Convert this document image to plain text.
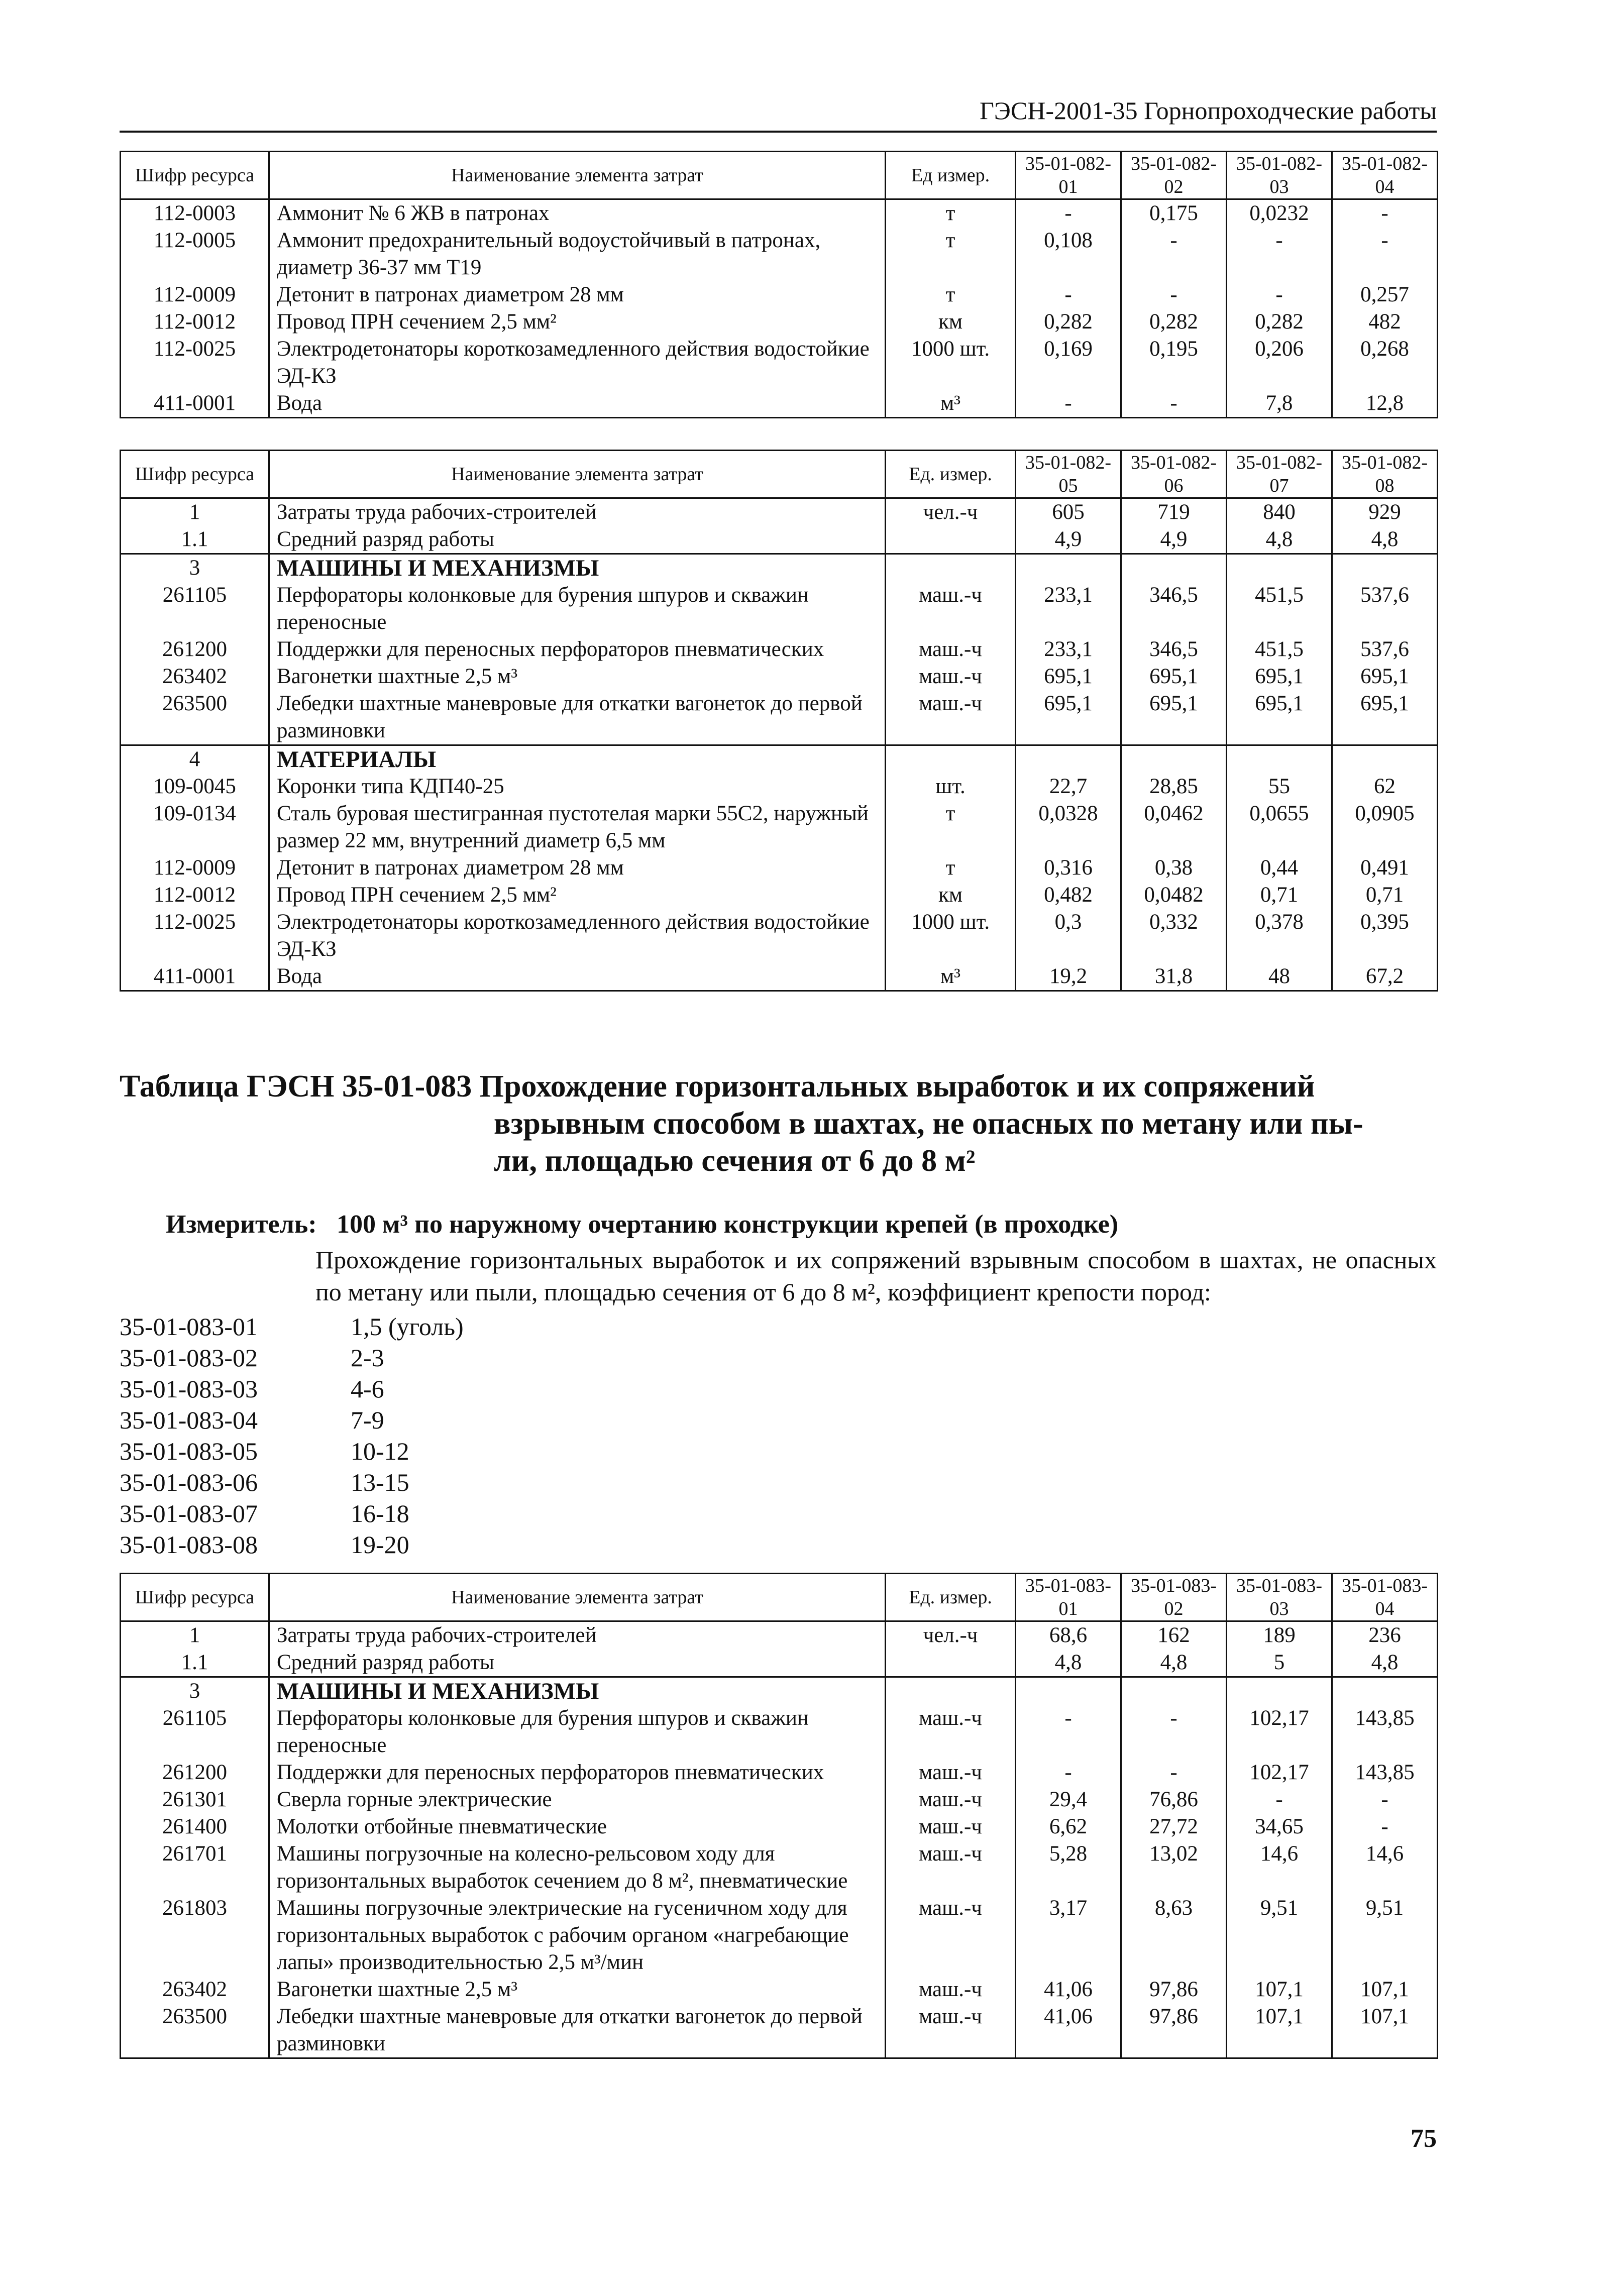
ГЭСН-2001-35 Горнопроходческие работы
Шифр ресурса	Наименование элемента затрат	Ед измер.	35-01-082-01	35-01-082-02	35-01-082-03	35-01-082-04
112-0003	Аммонит № 6 ЖВ в патронах	т	-	0,175	0,0232	-
112-0005	Аммонит предохранительный водоустойчивый в патронах, диаметр 36-37 мм Т19	т	0,108	-	-	-
112-0009	Детонит в патронах диаметром 28 мм	т	-	-	-	0,257
112-0012	Провод ПРН сечением 2,5 мм²	км	0,282	0,282	0,282	482
112-0025	Электродетонаторы короткозамедленного действия водостойкие ЭД-КЗ	1000 шт.	0,169	0,195	0,206	0,268
411-0001	Вода	м³	-	-	7,8	12,8
Шифр ресурса	Наименование элемента затрат	Ед. измер.	35-01-082-05	35-01-082-06	35-01-082-07	35-01-082-08
1	Затраты труда рабочих-строителей	чел.-ч	605	719	840	929
1.1	Средний разряд работы		4,9	4,9	4,8	4,8
3	МАШИНЫ И МЕХАНИЗМЫ					
261105	Перфораторы колонковые для бурения шпуров и скважин переносные	маш.-ч	233,1	346,5	451,5	537,6
261200	Поддержки для переносных перфораторов пневматических	маш.-ч	233,1	346,5	451,5	537,6
263402	Вагонетки шахтные 2,5 м³	маш.-ч	695,1	695,1	695,1	695,1
263500	Лебедки шахтные маневровые для откатки вагонеток до первой разминовки	маш.-ч	695,1	695,1	695,1	695,1
4	МАТЕРИАЛЫ					
109-0045	Коронки типа КДП40-25	шт.	22,7	28,85	55	62
109-0134	Сталь буровая шестигранная пустотелая марки 55С2, наружный размер 22 мм, внутренний диаметр 6,5 мм	т	0,0328	0,0462	0,0655	0,0905
112-0009	Детонит в патронах диаметром 28 мм	т	0,316	0,38	0,44	0,491
112-0012	Провод ПРН сечением 2,5 мм²	км	0,482	0,0482	0,71	0,71
112-0025	Электродетонаторы короткозамедленного действия водостойкие ЭД-КЗ	1000 шт.	0,3	0,332	0,378	0,395
411-0001	Вода	м³	19,2	31,8	48	67,2
Таблица ГЭСН 35-01-083 Прохождение горизонтальных выработок и их сопряжений
взрывным способом в шахтах, не опасных по метану или пы-
ли, площадью сечения от 6 до 8 м²
Измеритель: 100 м³ по наружному очертанию конструкции крепей (в проходке)
Прохождение горизонтальных выработок и их сопряжений взрывным способом в шахтах, не опасных по метану или пыли, площадью сечения от 6 до 8 м², коэффициент крепости пород:
35-01-083-01	1,5 (уголь)
35-01-083-02	2-3
35-01-083-03	4-6
35-01-083-04	7-9
35-01-083-05	10-12
35-01-083-06	13-15
35-01-083-07	16-18
35-01-083-08	19-20
Шифр ресурса	Наименование элемента затрат	Ед. измер.	35-01-083-01	35-01-083-02	35-01-083-03	35-01-083-04
1	Затраты труда рабочих-строителей	чел.-ч	68,6	162	189	236
1.1	Средний разряд работы		4,8	4,8	5	4,8
3	МАШИНЫ И МЕХАНИЗМЫ					
261105	Перфораторы колонковые для бурения шпуров и скважин переносные	маш.-ч	-	-	102,17	143,85
261200	Поддержки для переносных перфораторов пневматических	маш.-ч	-	-	102,17	143,85
261301	Сверла горные электрические	маш.-ч	29,4	76,86	-	-
261400	Молотки отбойные пневматические	маш.-ч	6,62	27,72	34,65	-
261701	Машины погрузочные на колесно-рельсовом ходу для горизонтальных выработок сечением до 8 м², пневматические	маш.-ч	5,28	13,02	14,6	14,6
261803	Машины погрузочные электрические на гусеничном ходу для горизонтальных выработок с рабочим органом «нагребающие лапы» производительностью 2,5 м³/мин	маш.-ч	3,17	8,63	9,51	9,51
263402	Вагонетки шахтные 2,5 м³	маш.-ч	41,06	97,86	107,1	107,1
263500	Лебедки шахтные маневровые для откатки вагонеток до первой разминовки	маш.-ч	41,06	97,86	107,1	107,1
75
